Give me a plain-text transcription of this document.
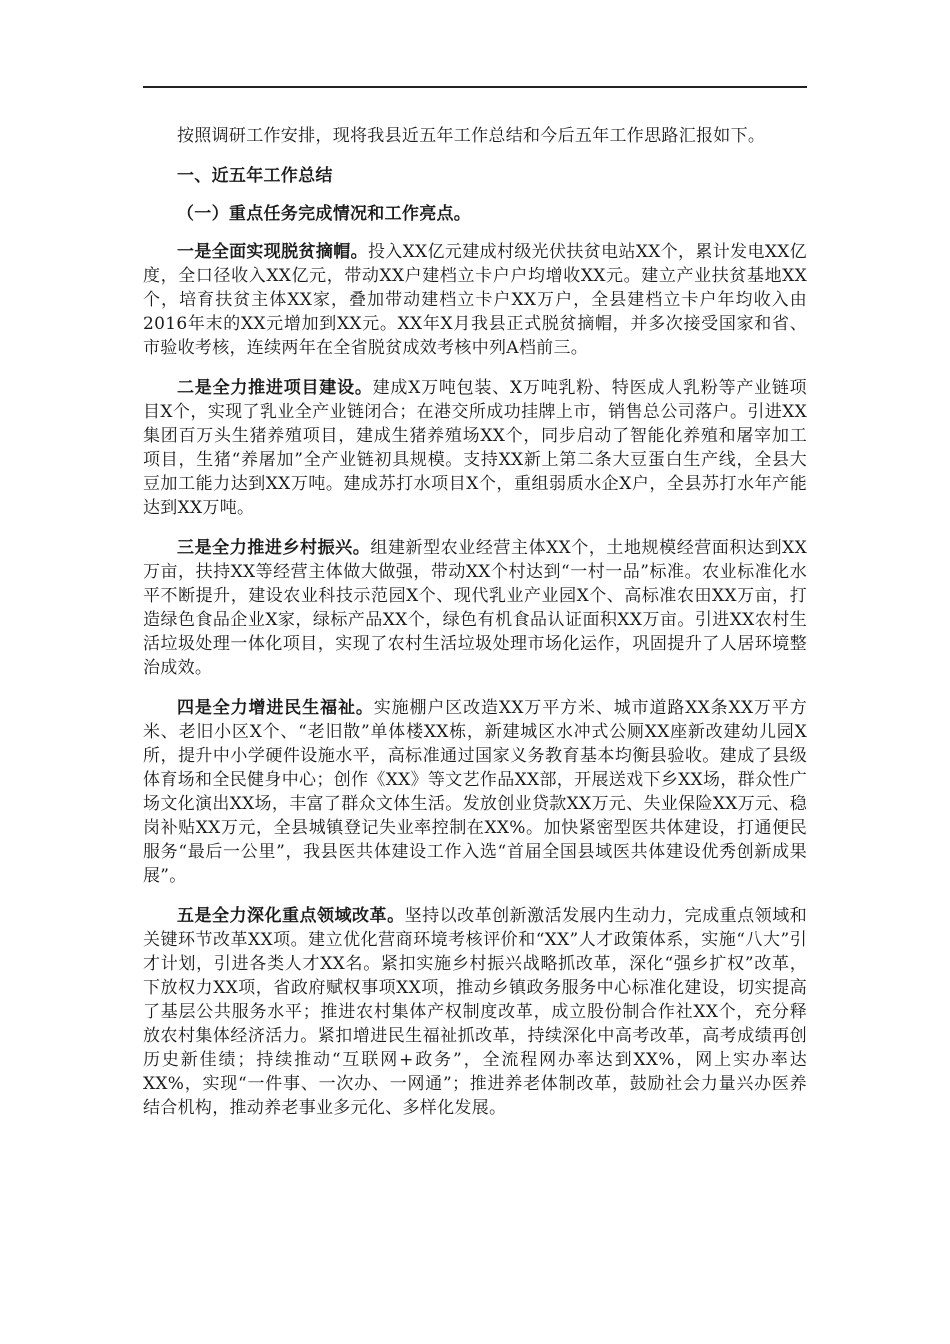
按照调研工作安排，现将我县近五年工作总结和今后五年工作思路汇报如下。

一、近五年工作总结

（一）重点任务完成情况和工作亮点。

一是全面实现脱贫摘帽。投入XX亿元建成村级光伏扶贫电站XX个，累计发电XX亿度，全口径收入XX亿元，带动XX户建档立卡户户均增收XX元。建立产业扶贫基地XX个，培育扶贫主体XX家，叠加带动建档立卡户XX万户，全县建档立卡户年均收入由2016年末的XX元增加到XX元。XX年X月我县正式脱贫摘帽，并多次接受国家和省、市验收考核，连续两年在全省脱贫成效考核中列A档前三。

二是全力推进项目建设。建成X万吨包装、X万吨乳粉、特医成人乳粉等产业链项目X个，实现了乳业全产业链闭合；在港交所成功挂牌上市，销售总公司落户。引进XX集团百万头生猪养殖项目，建成生猪养殖场XX个，同步启动了智能化养殖和屠宰加工项目，生猪“养屠加”全产业链初具规模。支持XX新上第二条大豆蛋白生产线，全县大豆加工能力达到XX万吨。建成苏打水项目X个，重组弱质水企X户，全县苏打水年产能达到XX万吨。

三是全力推进乡村振兴。组建新型农业经营主体XX个，土地规模经营面积达到XX万亩，扶持XX等经营主体做大做强，带动XX个村达到“一村一品”标准。农业标准化水平不断提升，建设农业科技示范园X个、现代乳业产业园X个、高标准农田XX万亩，打造绿色食品企业X家，绿标产品XX个，绿色有机食品认证面积XX万亩。引进XX农村生活垃圾处理一体化项目，实现了农村生活垃圾处理市场化运作，巩固提升了人居环境整治成效。

四是全力增进民生福祉。实施棚户区改造XX万平方米、城市道路XX条XX万平方米、老旧小区X个、“老旧散”单体楼XX栋，新建城区水冲式公厕XX座新改建幼儿园X所，提升中小学硬件设施水平，高标准通过国家义务教育基本均衡县验收。建成了县级体育场和全民健身中心；创作《XX》等文艺作品XX部，开展送戏下乡XX场，群众性广场文化演出XX场，丰富了群众文体生活。发放创业贷款XX万元、失业保险XX万元、稳岗补贴XX万元，全县城镇登记失业率控制在XX%。加快紧密型医共体建设，打通便民服务“最后一公里”，我县医共体建设工作入选“首届全国县域医共体建设优秀创新成果展”。

五是全力深化重点领域改革。坚持以改革创新激活发展内生动力，完成重点领域和关键环节改革XX项。建立优化营商环境考核评价和“XX”人才政策体系，实施“八大”引才计划，引进各类人才XX名。紧扣实施乡村振兴战略抓改革，深化“强乡扩权”改革，下放权力XX项，省政府赋权事项XX项，推动乡镇政务服务中心标准化建设，切实提高了基层公共服务水平；推进农村集体产权制度改革，成立股份制合作社XX个，充分释放农村集体经济活力。紧扣增进民生福祉抓改革，持续深化中高考改革，高考成绩再创历史新佳绩；持续推动“互联网+政务”，全流程网办率达到XX%，网上实办率达XX%，实现“一件事、一次办、一网通”；推进养老体制改革，鼓励社会力量兴办医养结合机构，推动养老事业多元化、多样化发展。
